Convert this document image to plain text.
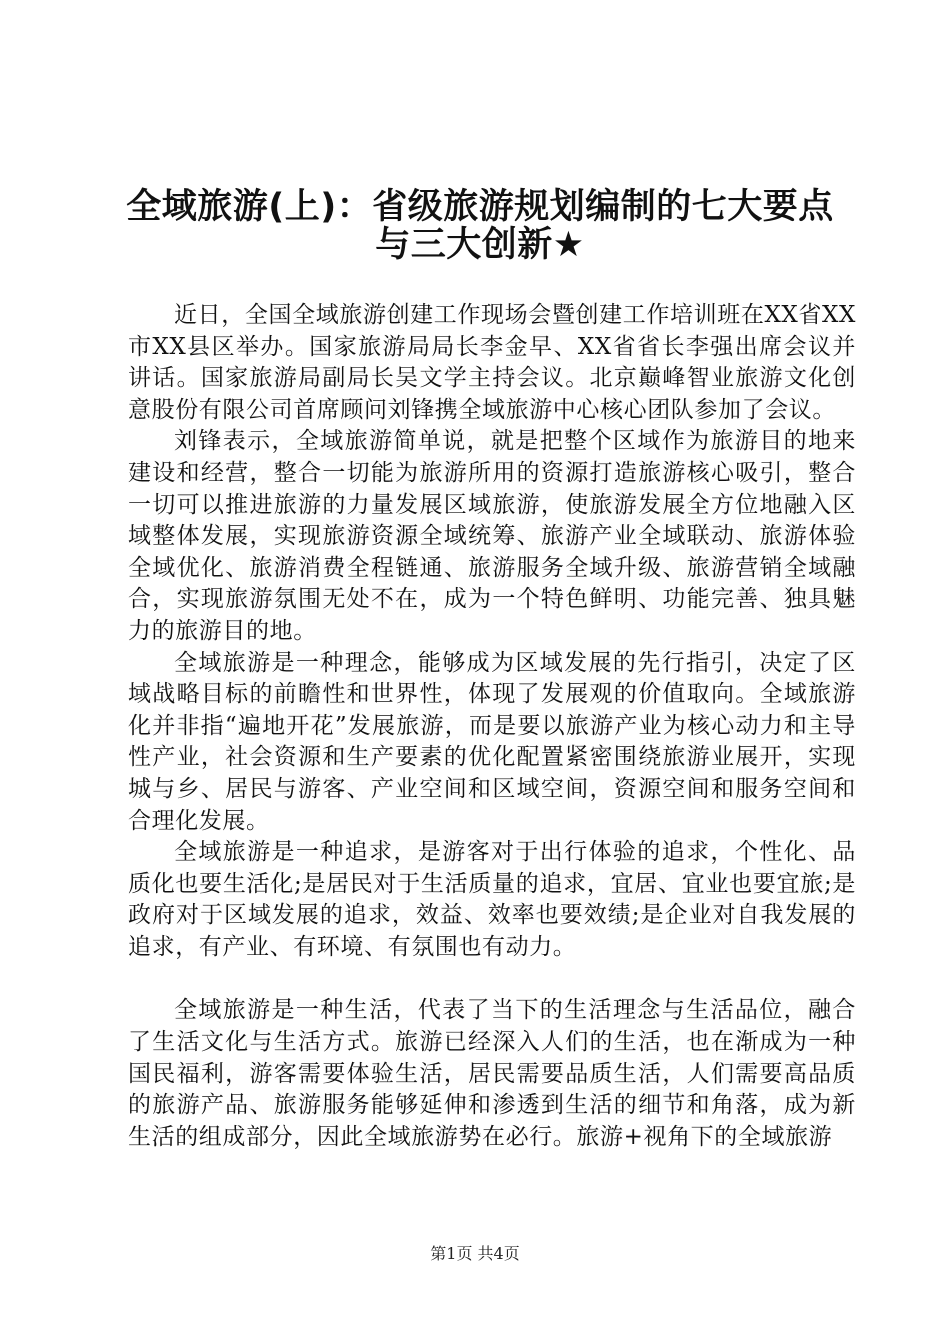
全域旅游(上)：省级旅游规划编制的七大要点
与三大创新★

近日，全国全域旅游创建工作现场会暨创建工作培训班在XX省XX市XX县区举办。国家旅游局局长李金早、XX省省长李强出席会议并讲话。国家旅游局副局长吴文学主持会议。北京巅峰智业旅游文化创意股份有限公司首席顾问刘锋携全域旅游中心核心团队参加了会议。

刘锋表示，全域旅游简单说，就是把整个区域作为旅游目的地来建设和经营，整合一切能为旅游所用的资源打造旅游核心吸引，整合一切可以推进旅游的力量发展区域旅游，使旅游发展全方位地融入区域整体发展，实现旅游资源全域统筹、旅游产业全域联动、旅游体验全域优化、旅游消费全程链通、旅游服务全域升级、旅游营销全域融合，实现旅游氛围无处不在，成为一个特色鲜明、功能完善、独具魅力的旅游目的地。

全域旅游是一种理念，能够成为区域发展的先行指引，决定了区域战略目标的前瞻性和世界性，体现了发展观的价值取向。全域旅游化并非指“遍地开花”发展旅游，而是要以旅游产业为核心动力和主导性产业，社会资源和生产要素的优化配置紧密围绕旅游业展开，实现城与乡、居民与游客、产业空间和区域空间，资源空间和服务空间和合理化发展。

全域旅游是一种追求，是游客对于出行体验的追求，个性化、品质化也要生活化;是居民对于生活质量的追求，宜居、宜业也要宜旅;是政府对于区域发展的追求，效益、效率也要效绩;是企业对自我发展的追求，有产业、有环境、有氛围也有动力。

全域旅游是一种生活，代表了当下的生活理念与生活品位，融合了生活文化与生活方式。旅游已经深入人们的生活，也在渐成为一种国民福利，游客需要体验生活，居民需要品质生活，人们需要高品质的旅游产品、旅游服务能够延伸和渗透到生活的细节和角落，成为新生活的组成部分，因此全域旅游势在必行。旅游+视角下的全域旅游

第1页 共4页
